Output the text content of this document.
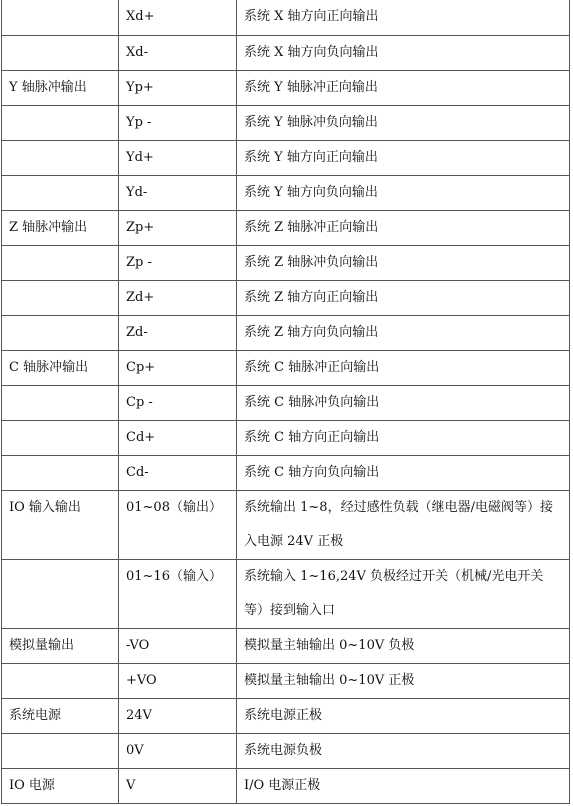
	Xd+	系统 X 轴方向正向输出
	Xd-	系统 X 轴方向负向输出
Y 轴脉冲输出	Yp+	系统 Y 轴脉冲正向输出
	Yp -	系统 Y 轴脉冲负向输出
	Yd+	系统 Y 轴方向正向输出
	Yd-	系统 Y 轴方向负向输出
Z 轴脉冲输出	Zp+	系统 Z 轴脉冲正向输出
	Zp -	系统 Z 轴脉冲负向输出
	Zd+	系统 Z 轴方向正向输出
	Zd-	系统 Z 轴方向负向输出
C 轴脉冲输出	Cp+	系统 C 轴脉冲正向输出
	Cp -	系统 C 轴脉冲负向输出
	Cd+	系统 C 轴方向正向输出
	Cd-	系统 C 轴方向负向输出
IO 输入输出	01~08（输出）	系统输出 1~8，经过感性负载（继电器/电磁阀等）接入电源 24V 正极
	01~16（输入）	系统输入 1~16,24V 负极经过开关（机械/光电开关等）接到输入口
模拟量输出	-VO	模拟量主轴输出 0~10V 负极
	+VO	模拟量主轴输出 0~10V 正极
系统电源	24V	系统电源正极
	0V	系统电源负极
IO 电源	V	I/O 电源正极
